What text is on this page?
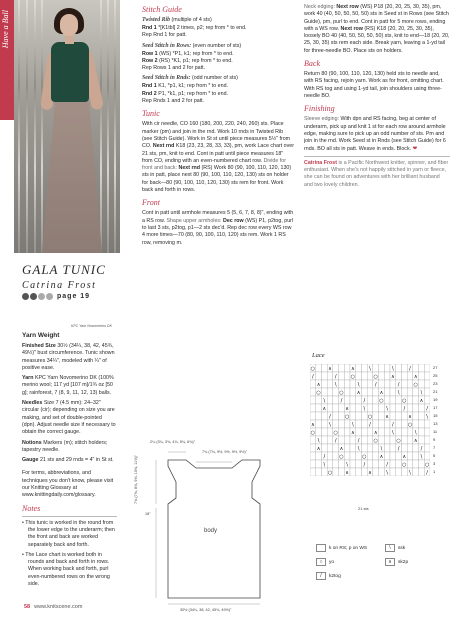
Have a Ball
GALA TUNIC
Catrina Frost
page 19
KPC Yarn Novomerino DK
Yarn Weight

Finished Size 30½ (34¼, 38, 42, 45¾, 49½)" bust circumference. Tunic shown measures 34¼", modeled with ¼" of positive ease.

Yarn KPC Yarn Novomerino DK (100% merino wool; 117 yd [107 m]/1¾ oz [50 g]; rainforest, 7 (8, 9, 11, 12, 13) balls.

Needles Size 7 (4.5 mm): 24–32" circular (cir); depending on size you are making, and set of double-pointed (dpn). Adjust needle size if necessary to obtain the correct gauge.

Notions Markers (m); stitch holders; tapestry needle.

Gauge 21 sts and 29 rnds = 4" in St st.

For terms, abbreviations, and techniques you don't know, please visit our Knitting Glossary at www.knittingdaily.com/glossary.

Notes

• This tunic is worked in the round from the lower edge to the underarm; then the front and back are worked separately back and forth.

• The Lace chart is worked both in rounds and back and forth in rows. When working back and forth, purl even-numbered rows on the wrong side.

Stitch Guide

Twisted Rib (multiple of 4 sts)

Rnd 1 *[K1tbl] 2 times, p2; rep from * to end.

Rep Rnd 1 for patt.

Seed Stitch in Rows: (even number of sts)

Row 1 (WS) *P1, k1; rep from * to end.

Row 2 (RS) *K1, p1; rep from * to end.

Rep Rows 1 and 2 for patt.

Seed Stitch in Rnds: (odd number of sts)

Rnd 1 K1, *p1, k1; rep from * to end.

Rnd 2 P1, *k1, p1; rep from * to end.

Rep Rnds 1 and 2 for patt.

Tunic

With cir needle, CO 160 (180, 200, 220, 240, 260) sts. Place marker (pm) and join in the rnd. Work 10 rnds in Twisted Rib (see Stitch Guide). Work in St st until piece measures 5½" from CO. Next rnd K18 (23, 23, 28, 33, 33), pm, work Lace chart over 21 sts, pm, knit to end. Cont in patt until piece measures 18" from CO, ending with an even-numbered chart row. Divide for front and back: Next rnd (RS) Work 80 (90, 100, 110, 120, 130) sts in patt, place next 80 (90, 100, 110, 120, 130) sts on holder for back—80 (90, 100, 110, 120, 130) sts rem for front. Work back and forth in rows.

Front

Cont in patt until armhole measures 5 (5, 6, 7, 8, 8)", ending with a RS row. Shape upper armholes: Dec row (WS) P1, p2tog, purl to last 3 sts, p2tog, p1—2 sts dec'd. Rep dec row every WS row 4 more times—70 (80, 90, 100, 110, 120) sts rem. Work 1 RS row, removing m.

Neck edging: Next row (WS) P18 (20, 20, 25, 30, 35), pm, work 40 (40, 50, 50, 50, 50) sts in Seed st in Rows (see Stitch Guide), pm, purl to end. Cont in patt for 5 more rows, ending with a WS row. Next row (RS) K18 (20, 20, 25, 30, 35), loosely BO 40 (40, 50, 50, 50, 50) sts, knit to end—18 (20, 20, 25, 30, 35) sts rem each side. Break yarn, leaving a 1-yd tail for three-needle BO. Place sts on holders.

Back

Return 80 (90, 100, 110, 120, 130) held sts to needle and, with RS facing, rejoin yarn. Work as for front, omitting chart. With RS tog and using 1-yd tail, join shoulders using three-needle BO.

Finishing

Sleeve edging: With dpn and RS facing, beg at center of underarm, pick up and knit 1 st for each row around armhole edge, making sure to pick up an odd number of sts. Pm and join in the rnd. Work Seed st in Rnds (see Stitch Guide) for 6 rnds. BO all sts in patt. Weave in ends. Block. ❤

Catrina Frost is a Pacific Northwest knitter, spinner, and fiber enthusiast. When she's not happily stitched in yarn or fleece, she can be found on adventures with her brilliant husband and two lovely children.

Lace
○	∧	∧	\	\	/
/	/	○	○	∧	∧
∧	\	\	/	/	○
○	○	∧	∧	\	\
\	/	/	○	○	∧
∧	∧	\	\	/	/
/	○	○	∧	∧	\
∧	\	\	/	/	○
○	○	∧	∧	\	\
\	/	/	○	○	∧
∧	∧	\	\	/	/
/	○	○	∧	∧	\
\	\	/	/	○	○
○	∧	∧	\	\	/
27
25
23
21
19
17
15
13
11
9
7
5
3
1
21 sts
k on RS; p on WS	\	ssk
○	yo	∧	sk2p
/	k2tog
2¼ (3¼, 3¾, 4¾, 5¾, 6¾)"
7¾ (7¾, 9½, 9½, 9½, 9½)"
7¾ (7¾, 8¾, 9¾, 10¾, 11¾)"
18"
body
30½ (34¼, 38, 42, 45¾, 49½)"
58 www.knitscene.com
